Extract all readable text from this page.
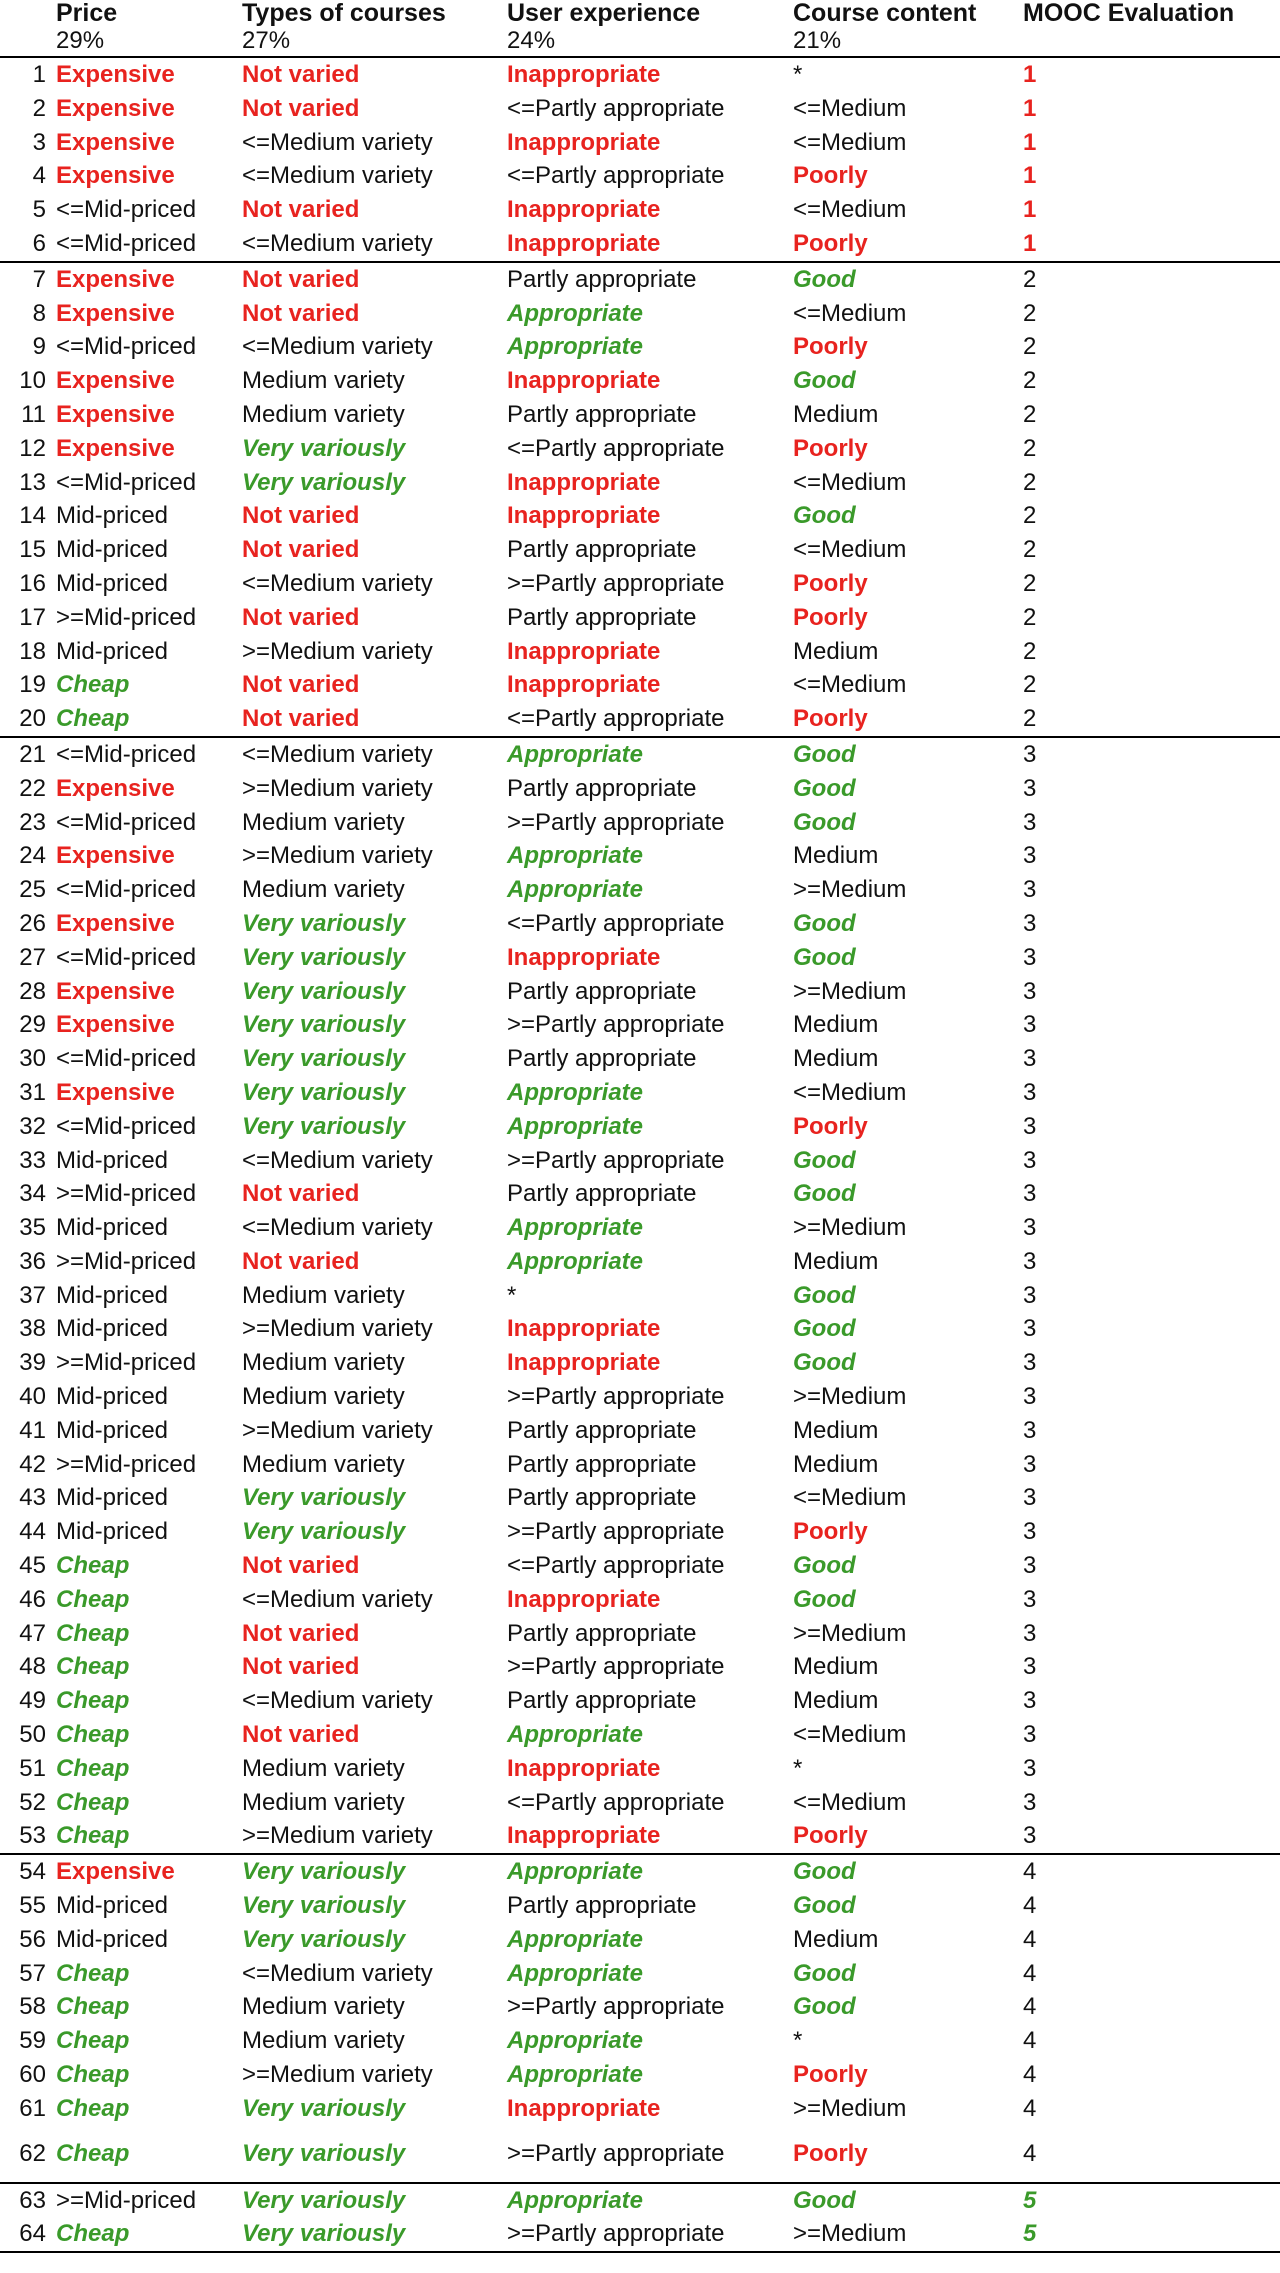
	Price	Types of courses	User experience	Course content	MOOC Evaluation
	29%	27%	24%	21%	
1	Expensive	Not varied	Inappropriate	*	1
2	Expensive	Not varied	<=Partly appropriate	<=Medium	1
3	Expensive	<=Medium variety	Inappropriate	<=Medium	1
4	Expensive	<=Medium variety	<=Partly appropriate	Poorly	1
5	<=Mid-priced	Not varied	Inappropriate	<=Medium	1
6	<=Mid-priced	<=Medium variety	Inappropriate	Poorly	1
7	Expensive	Not varied	Partly appropriate	Good	2
8	Expensive	Not varied	Appropriate	<=Medium	2
9	<=Mid-priced	<=Medium variety	Appropriate	Poorly	2
10	Expensive	Medium variety	Inappropriate	Good	2
11	Expensive	Medium variety	Partly appropriate	Medium	2
12	Expensive	Very variously	<=Partly appropriate	Poorly	2
13	<=Mid-priced	Very variously	Inappropriate	<=Medium	2
14	Mid-priced	Not varied	Inappropriate	Good	2
15	Mid-priced	Not varied	Partly appropriate	<=Medium	2
16	Mid-priced	<=Medium variety	>=Partly appropriate	Poorly	2
17	>=Mid-priced	Not varied	Partly appropriate	Poorly	2
18	Mid-priced	>=Medium variety	Inappropriate	Medium	2
19	Cheap	Not varied	Inappropriate	<=Medium	2
20	Cheap	Not varied	<=Partly appropriate	Poorly	2
21	<=Mid-priced	<=Medium variety	Appropriate	Good	3
22	Expensive	>=Medium variety	Partly appropriate	Good	3
23	<=Mid-priced	Medium variety	>=Partly appropriate	Good	3
24	Expensive	>=Medium variety	Appropriate	Medium	3
25	<=Mid-priced	Medium variety	Appropriate	>=Medium	3
26	Expensive	Very variously	<=Partly appropriate	Good	3
27	<=Mid-priced	Very variously	Inappropriate	Good	3
28	Expensive	Very variously	Partly appropriate	>=Medium	3
29	Expensive	Very variously	>=Partly appropriate	Medium	3
30	<=Mid-priced	Very variously	Partly appropriate	Medium	3
31	Expensive	Very variously	Appropriate	<=Medium	3
32	<=Mid-priced	Very variously	Appropriate	Poorly	3
33	Mid-priced	<=Medium variety	>=Partly appropriate	Good	3
34	>=Mid-priced	Not varied	Partly appropriate	Good	3
35	Mid-priced	<=Medium variety	Appropriate	>=Medium	3
36	>=Mid-priced	Not varied	Appropriate	Medium	3
37	Mid-priced	Medium variety	*	Good	3
38	Mid-priced	>=Medium variety	Inappropriate	Good	3
39	>=Mid-priced	Medium variety	Inappropriate	Good	3
40	Mid-priced	Medium variety	>=Partly appropriate	>=Medium	3
41	Mid-priced	>=Medium variety	Partly appropriate	Medium	3
42	>=Mid-priced	Medium variety	Partly appropriate	Medium	3
43	Mid-priced	Very variously	Partly appropriate	<=Medium	3
44	Mid-priced	Very variously	>=Partly appropriate	Poorly	3
45	Cheap	Not varied	<=Partly appropriate	Good	3
46	Cheap	<=Medium variety	Inappropriate	Good	3
47	Cheap	Not varied	Partly appropriate	>=Medium	3
48	Cheap	Not varied	>=Partly appropriate	Medium	3
49	Cheap	<=Medium variety	Partly appropriate	Medium	3
50	Cheap	Not varied	Appropriate	<=Medium	3
51	Cheap	Medium variety	Inappropriate	*	3
52	Cheap	Medium variety	<=Partly appropriate	<=Medium	3
53	Cheap	>=Medium variety	Inappropriate	Poorly	3
54	Expensive	Very variously	Appropriate	Good	4
55	Mid-priced	Very variously	Partly appropriate	Good	4
56	Mid-priced	Very variously	Appropriate	Medium	4
57	Cheap	<=Medium variety	Appropriate	Good	4
58	Cheap	Medium variety	>=Partly appropriate	Good	4
59	Cheap	Medium variety	Appropriate	*	4
60	Cheap	>=Medium variety	Appropriate	Poorly	4
61	Cheap	Very variously	Inappropriate	>=Medium	4
62	Cheap	Very variously	>=Partly appropriate	Poorly	4
63	>=Mid-priced	Very variously	Appropriate	Good	5
64	Cheap	Very variously	>=Partly appropriate	>=Medium	5
